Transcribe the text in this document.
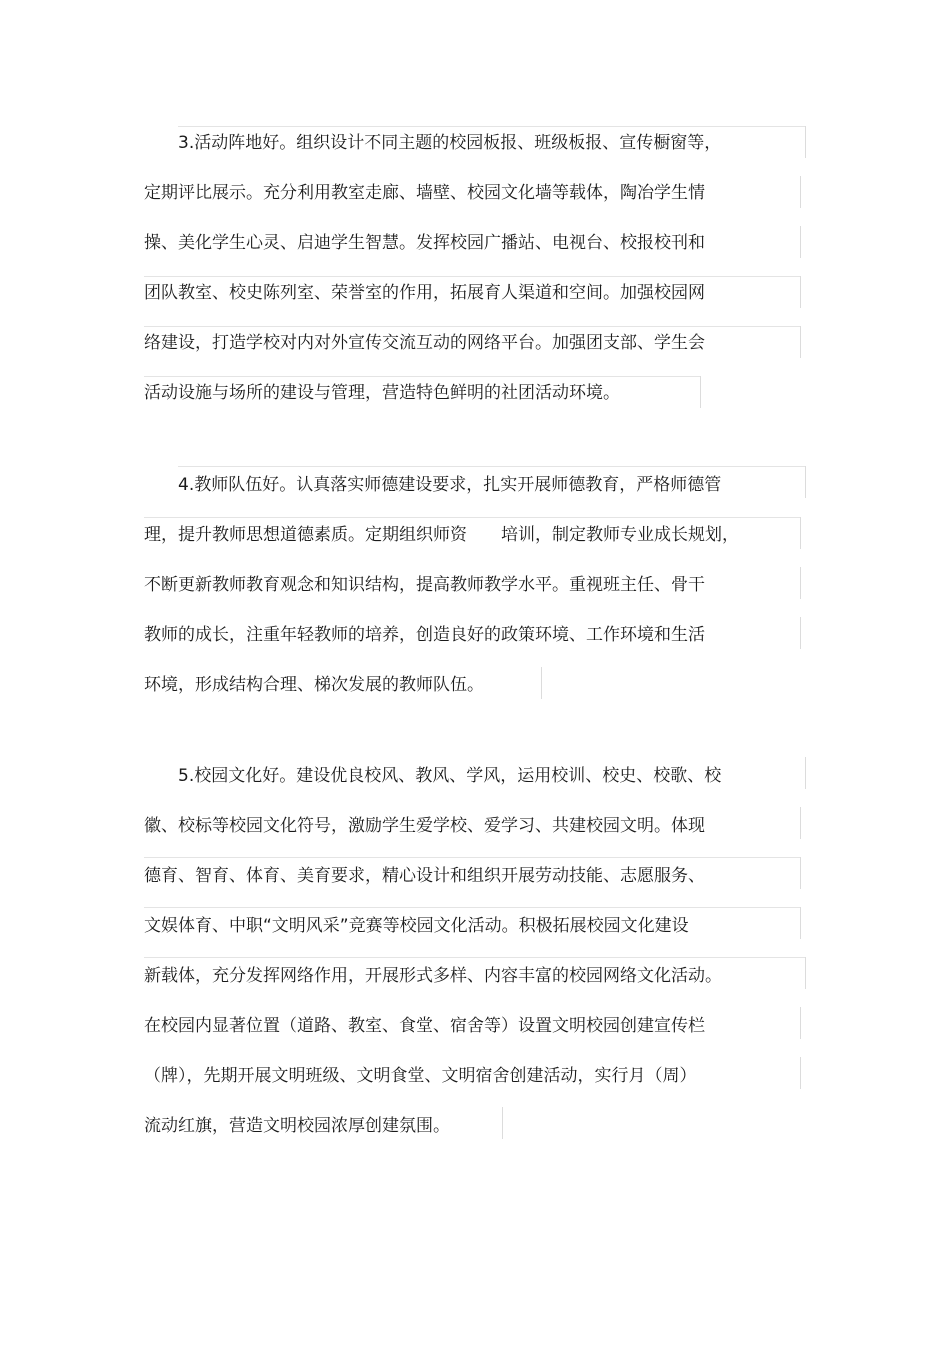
3.活动阵地好。组织设计不同主题的校园板报、班级板报、宣传橱窗等，
定期评比展示。充分利用教室走廊、墙壁、校园文化墙等载体，陶冶学生情
操、美化学生心灵、启迪学生智慧。发挥校园广播站、电视台、校报校刊和
团队教室、校史陈列室、荣誉室的作用，拓展育人渠道和空间。加强校园网
络建设，打造学校对内对外宣传交流互动的网络平台。加强团支部、学生会
活动设施与场所的建设与管理，营造特色鲜明的社团活动环境。
4.教师队伍好。认真落实师德建设要求，扎实开展师德教育，严格师德管
理，提升教师思想道德素质。定期组织师资　　培训，制定教师专业成长规划，
不断更新教师教育观念和知识结构，提高教师教学水平。重视班主任、骨干
教师的成长，注重年轻教师的培养，创造良好的政策环境、工作环境和生活
环境，形成结构合理、梯次发展的教师队伍。
5.校园文化好。建设优良校风、教风、学风，运用校训、校史、校歌、校
徽、校标等校园文化符号，激励学生爱学校、爱学习、共建校园文明。体现
德育、智育、体育、美育要求，精心设计和组织开展劳动技能、志愿服务、
文娱体育、中职“文明风采”竞赛等校园文化活动。积极拓展校园文化建设
新载体，充分发挥网络作用，开展形式多样、内容丰富的校园网络文化活动。
在校园内显著位置（道路、教室、食堂、宿舍等）设置文明校园创建宣传栏
（牌），先期开展文明班级、文明食堂、文明宿舍创建活动，实行月（周）
流动红旗，营造文明校园浓厚创建氛围。
